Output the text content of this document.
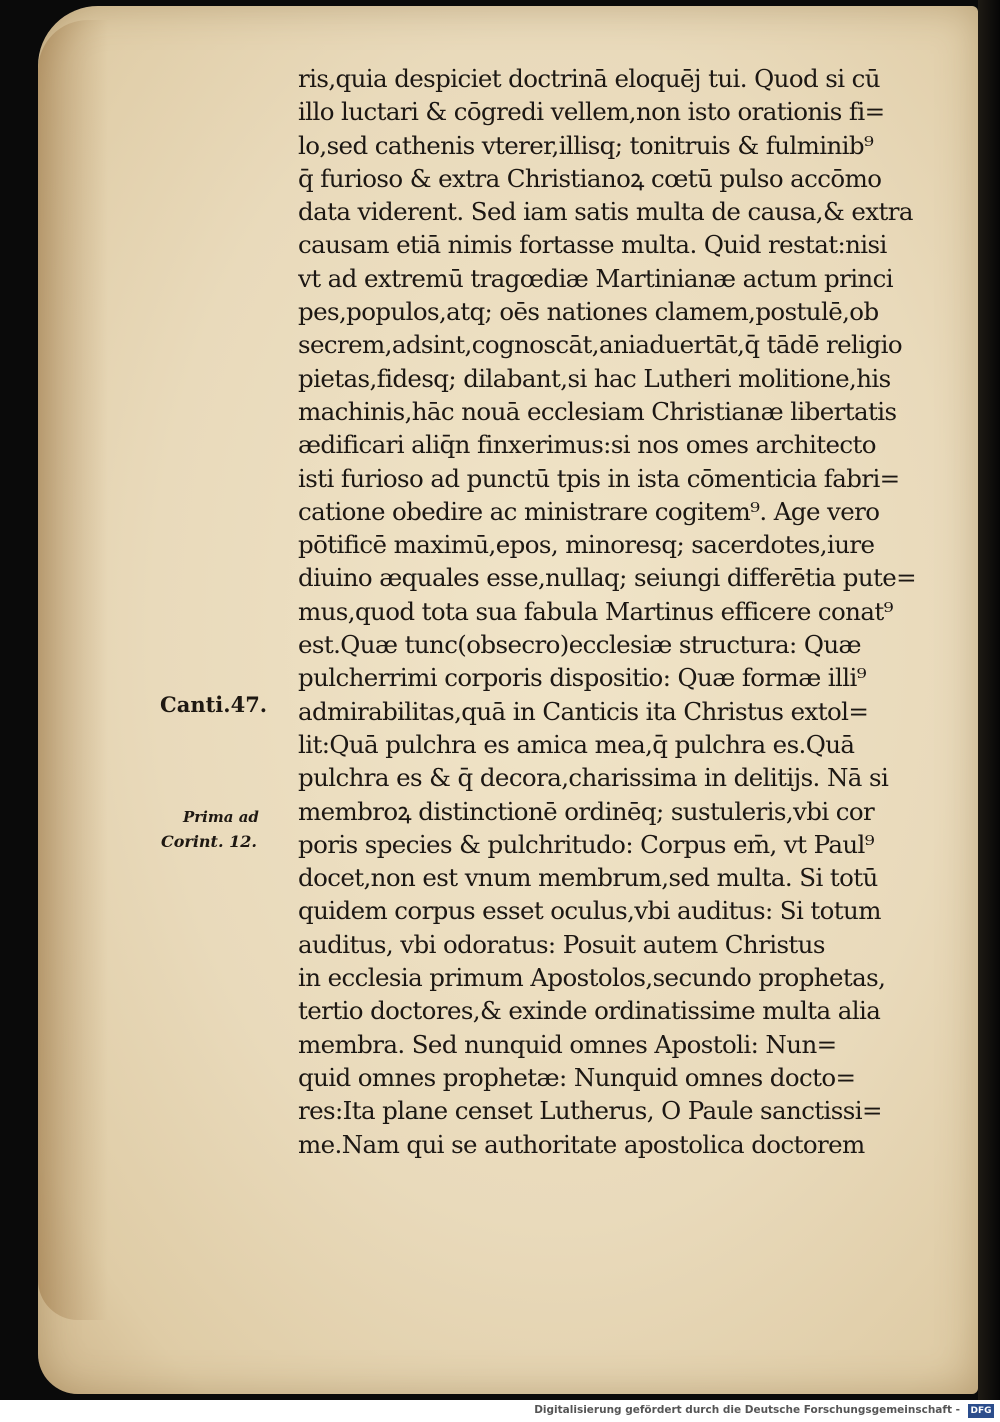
ris,quia despiciet doctrinā eloquēj tui. Quod si cū
illo luctari & cōgredi vellem,non isto orationis fi=
lo,sed cathenis vterer,illisq; tonitruis & fulminib⁹
q̄ furioso & extra Christianoꝝ cœtū pulso accōmo
data viderent. Sed iam satis multa de causa,& extra
causam etiā nimis fortasse multa. Quid restat:nisi
vt ad extremū tragœdiæ Martinianæ actum princi
pes,populos,atq; oēs nationes clamem,postulē,ob
secrem,adsint,cognoscāt,aniaduertāt,q̄ tādē religio
pietas,fidesq; dilabant,si hac Lutheri molitione,his
machinis,hāc nouā ecclesiam Christianæ libertatis
ædificari aliq̄n finxerimus:si nos omes architecto
isti furioso ad punctū tpis in ista cōmenticia fabri=
catione obedire ac ministrare cogitem⁹. Age vero
pōtificē maximū,epos, minoresq; sacerdotes,iure
diuino æquales esse,nullaq; seiungi differētia pute=
mus,quod tota sua fabula Martinus efficere conat⁹
est.Quæ tunc(obsecro)ecclesiæ structura: Quæ
pulcherrimi corporis dispositio: Quæ formæ illi⁹
admirabilitas,quā in Canticis ita Christus extol=
lit:Quā pulchra es amica mea,q̄ pulchra es.Quā
pulchra es & q̄ decora,charissima in delitijs. Nā si
membroꝝ distinctionē ordinēq; sustuleris,vbi cor
poris species & pulchritudo: Corpus em̄, vt Paul⁹
docet,non est vnum membrum,sed multa. Si totū
quidem corpus esset oculus,vbi auditus: Si totum
auditus, vbi odoratus: Posuit autem Christus
in ecclesia primum Apostolos,secundo prophetas,
tertio doctores,& exinde ordinatissime multa alia
membra. Sed nunquid omnes Apostoli: Nun=
quid omnes prophetæ: Nunquid omnes docto=
res:Ita plane censet Lutherus, O Paule sanctissi=
me.Nam qui se authoritate apostolica doctorem
Canti.47.
Prima ad
Corint. 12.
Digitalisierung gefördert durch die Deutsche Forschungsgemeinschaft - DFG
